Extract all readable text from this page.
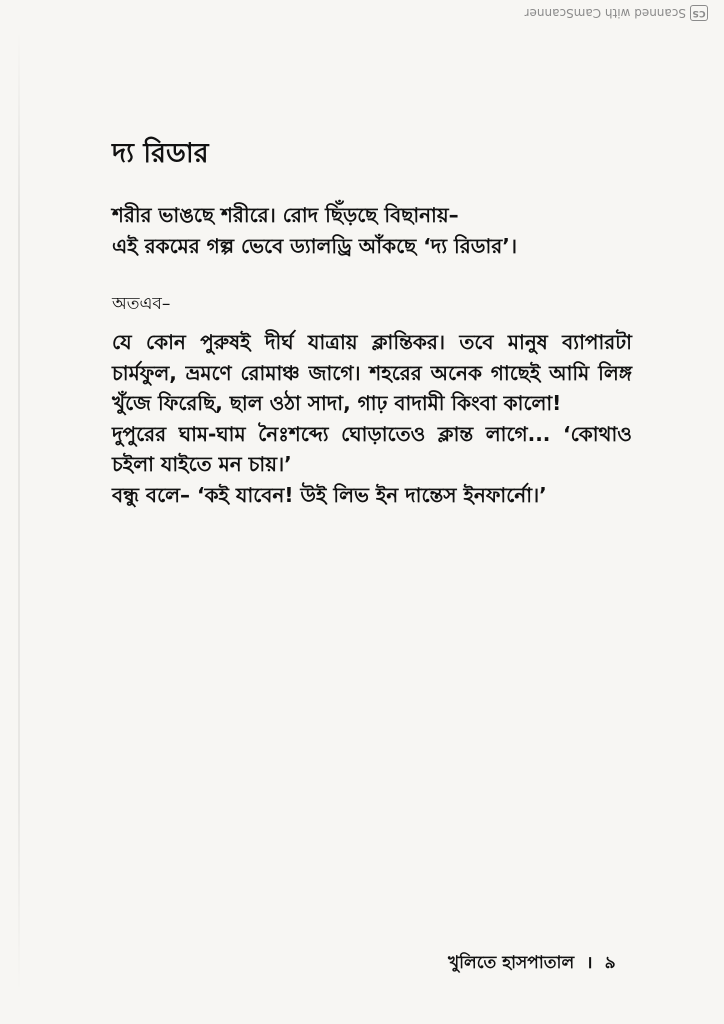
CS
Scanned with CamScanner
দ্য রিডার

শরীর ভাঙছে শরীরে। রোদ ছিঁড়ছে বিছানায়–

এই রকমের গল্প ভেবে ড্যালড্রি আঁকছে ‘দ্য রিডার’।

অতএব–

যে কোন পুরুষই দীর্ঘ যাত্রায় ক্লান্তিকর। তবে মানুষ ব্যাপারটা

চার্মফুল, ভ্রমণে রোমাঞ্চ জাগে। শহরের অনেক গাছেই আমি লিঙ্গ

খুঁজে ফিরেছি, ছাল ওঠা সাদা, গাঢ় বাদামী কিংবা কালো!

দুপুরের ঘাম-ঘাম নৈঃশব্দ্যে ঘোড়াতেও ক্লান্ত লাগে... ‘কোথাও

চইলা যাইতে মন চায়।’

বন্ধু বলে– ‘কই যাবেন! উই লিভ ইন দান্তেস ইনফার্নো।’

খুলিতে হাসপাতাল । ৯
